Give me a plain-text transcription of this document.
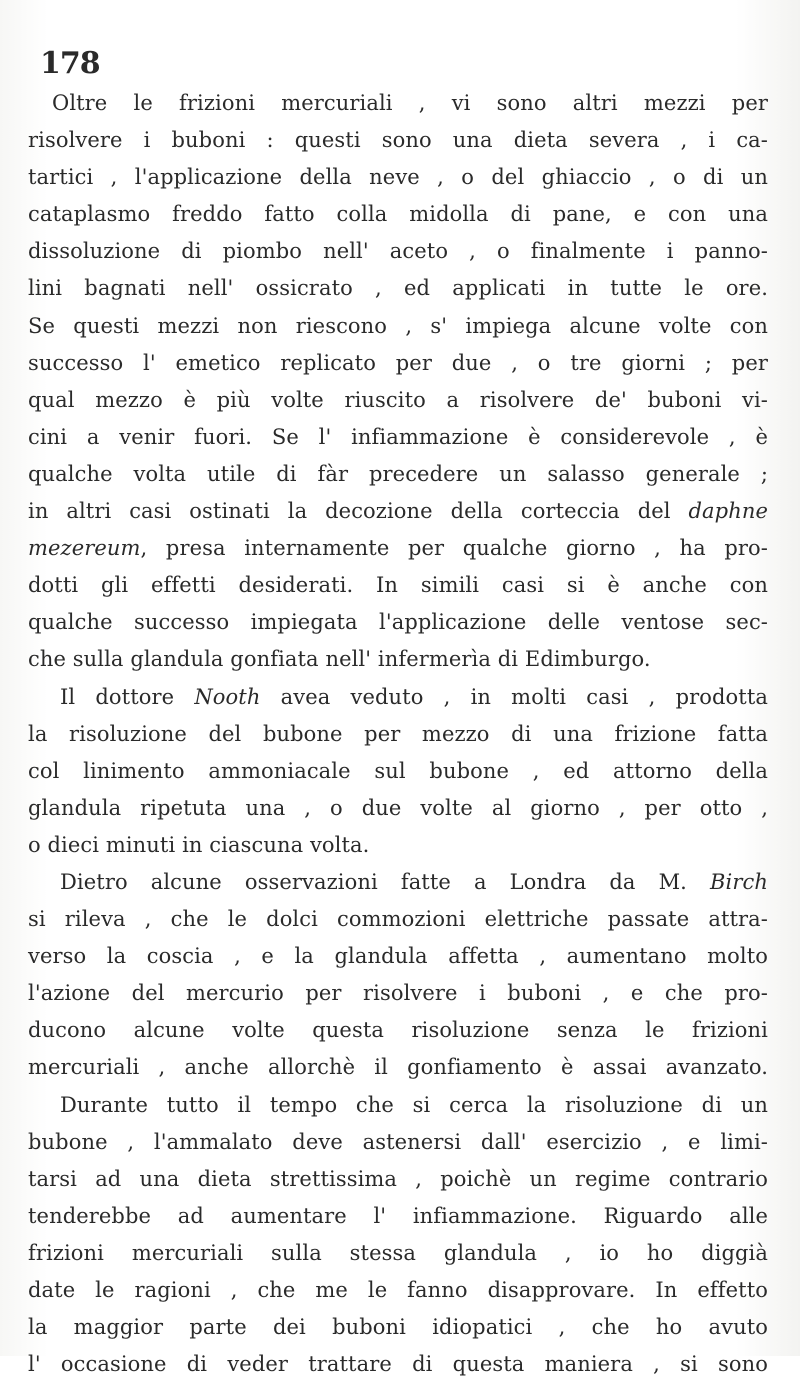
178
Oltre le frizioni mercuriali , vi sono altri mezzi per
risolvere i buboni : questi sono una dieta severa , i ca-
tartici , l'applicazione della neve , o del ghiaccio , o di un
cataplasmo freddo fatto colla midolla di pane, e con una
dissoluzione di piombo nell' aceto , o finalmente i panno-
lini bagnati nell' ossicrato , ed applicati in tutte le ore.
Se questi mezzi non riescono , s' impiega alcune volte con
successo l' emetico replicato per due , o tre giorni ; per
qual mezzo è più volte riuscito a risolvere de' buboni vi-
cini a venir fuori. Se l' infiammazione è considerevole , è
qualche volta utile di fàr precedere un salasso generale ;
in altri casi ostinati la decozione della corteccia del daphne
mezereum, presa internamente per qualche giorno , ha pro-
dotti gli effetti desiderati. In simili casi si è anche con
qualche successo impiegata l'applicazione delle ventose sec-
che sulla glandula gonfiata nell' infermerìa di Edimburgo.
Il dottore Nooth avea veduto , in molti casi , prodotta
la risoluzione del bubone per mezzo di una frizione fatta
col linimento ammoniacale sul bubone , ed attorno della
glandula ripetuta una , o due volte al giorno , per otto ,
o dieci minuti in ciascuna volta.
Dietro alcune osservazioni fatte a Londra da M. Birch
si rileva , che le dolci commozioni elettriche passate attra-
verso la coscia , e la glandula affetta , aumentano molto
l'azione del mercurio per risolvere i buboni , e che pro-
ducono alcune volte questa risoluzione senza le frizioni
mercuriali , anche allorchè il gonfiamento è assai avanzato.
Durante tutto il tempo che si cerca la risoluzione di un
bubone , l'ammalato deve astenersi dall' esercizio , e limi-
tarsi ad una dieta strettissima , poichè un regime contrario
tenderebbe ad aumentare l' infiammazione. Riguardo alle
frizioni mercuriali sulla stessa glandula , io ho diggià
date le ragioni , che me le fanno disapprovare. In effetto
la maggior parte dei buboni idiopatici , che ho avuto
l' occasione di veder trattare di questa maniera , si sono
